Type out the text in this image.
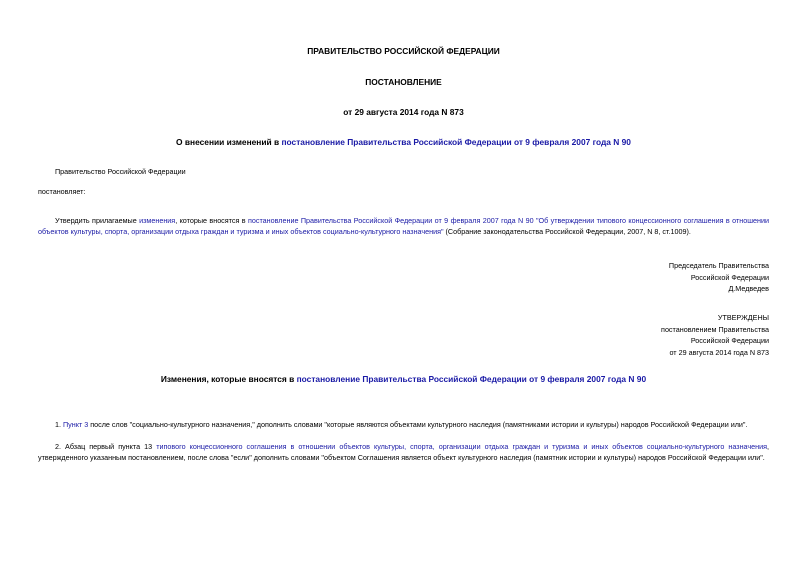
ПРАВИТЕЛЬСТВО РОССИЙСКОЙ ФЕДЕРАЦИИ

ПОСТАНОВЛЕНИЕ

от 29 августа 2014 года N 873

О внесении изменений в постановление Правительства Российской Федерации от 9 февраля 2007 года N 90

Правительство Российской Федерации

постановляет:

Утвердить прилагаемые изменения, которые вносятся в постановление Правительства Российской Федерации от 9 февраля 2007 года N 90 "Об утверждении типового концессионного соглашения в отношении объектов культуры, спорта, организации отдыха граждан и туризма и иных объектов социально-культурного назначения" (Собрание законодательства Российской Федерации, 2007, N 8, ст.1009).

Председатель Правительства
Российской Федерации
Д.Медведев
УТВЕРЖДЕНЫ
постановлением Правительства
Российской Федерации
от 29 августа 2014 года N 873

Изменения, которые вносятся в постановление Правительства Российской Федерации от 9 февраля 2007 года N 90

1. Пункт 3 после слов "социально-культурного назначения," дополнить словами "которые являются объектами культурного наследия (памятниками истории и культуры) народов Российской Федерации или".

2. Абзац первый пункта 13 типового концессионного соглашения в отношении объектов культуры, спорта, организации отдыха граждан и туризма и иных объектов социально-культурного назначения, утвержденного указанным постановлением, после слова "если" дополнить словами "объектом Соглашения является объект культурного наследия (памятник истории и культуры) народов Российской Федерации или".
